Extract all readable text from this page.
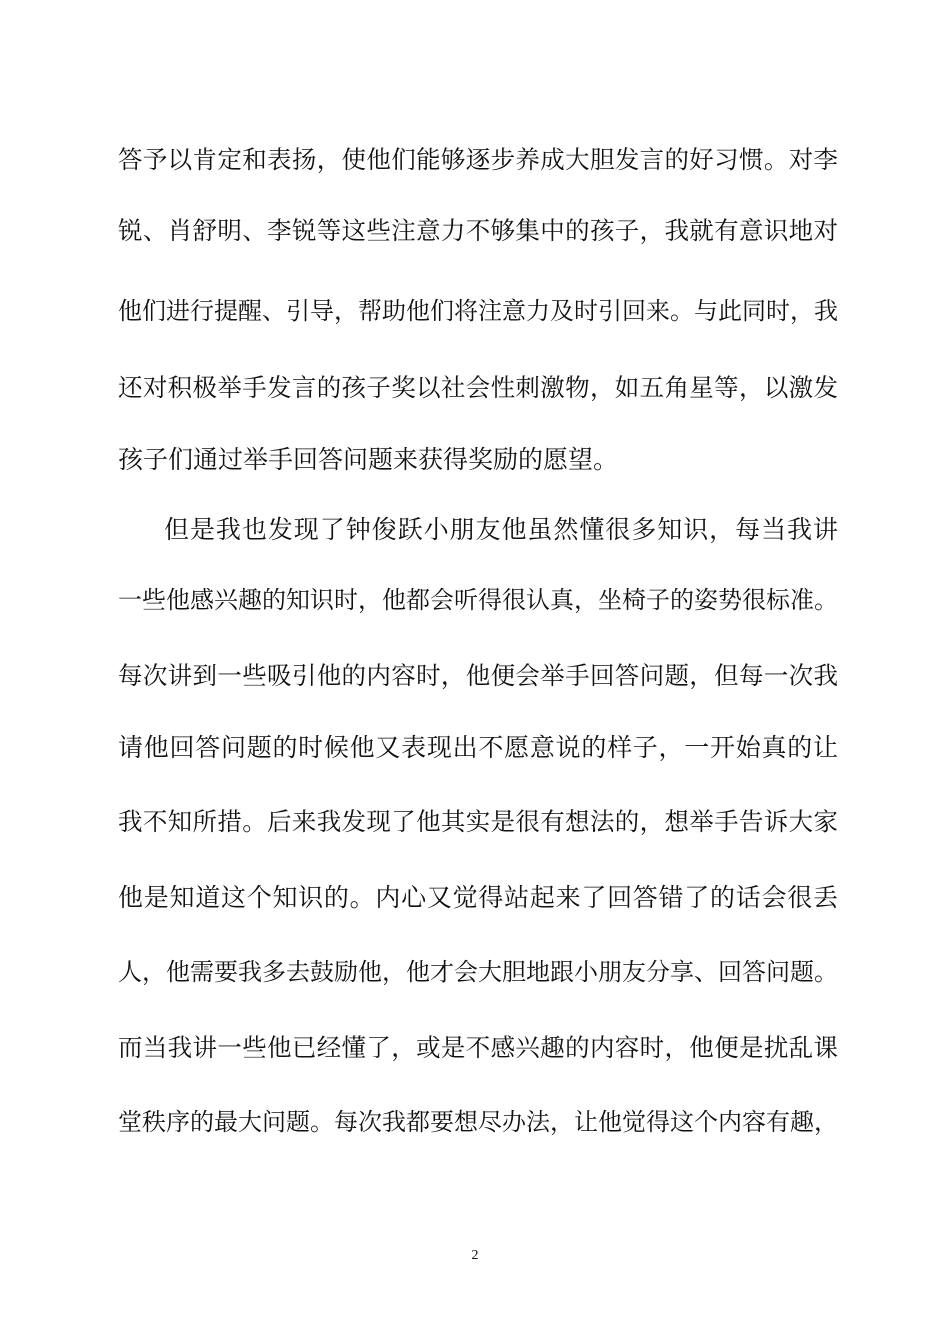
答予以肯定和表扬，使他们能够逐步养成大胆发言的好习惯。对李

锐、肖舒明、李锐等这些注意力不够集中的孩子，我就有意识地对

他们进行提醒、引导，帮助他们将注意力及时引回来。与此同时，我

还对积极举手发言的孩子奖以社会性刺激物，如五角星等，以激发

孩子们通过举手回答问题来获得奖励的愿望。

但是我也发现了钟俊跃小朋友他虽然懂很多知识，每当我讲

一些他感兴趣的知识时，他都会听得很认真，坐椅子的姿势很标准。

每次讲到一些吸引他的内容时，他便会举手回答问题，但每一次我

请他回答问题的时候他又表现出不愿意说的样子，一开始真的让

我不知所措。后来我发现了他其实是很有想法的，想举手告诉大家

他是知道这个知识的。内心又觉得站起来了回答错了的话会很丢

人，他需要我多去鼓励他，他才会大胆地跟小朋友分享、回答问题。

而当我讲一些他已经懂了，或是不感兴趣的内容时，他便是扰乱课

堂秩序的最大问题。每次我都要想尽办法，让他觉得这个内容有趣，

2
